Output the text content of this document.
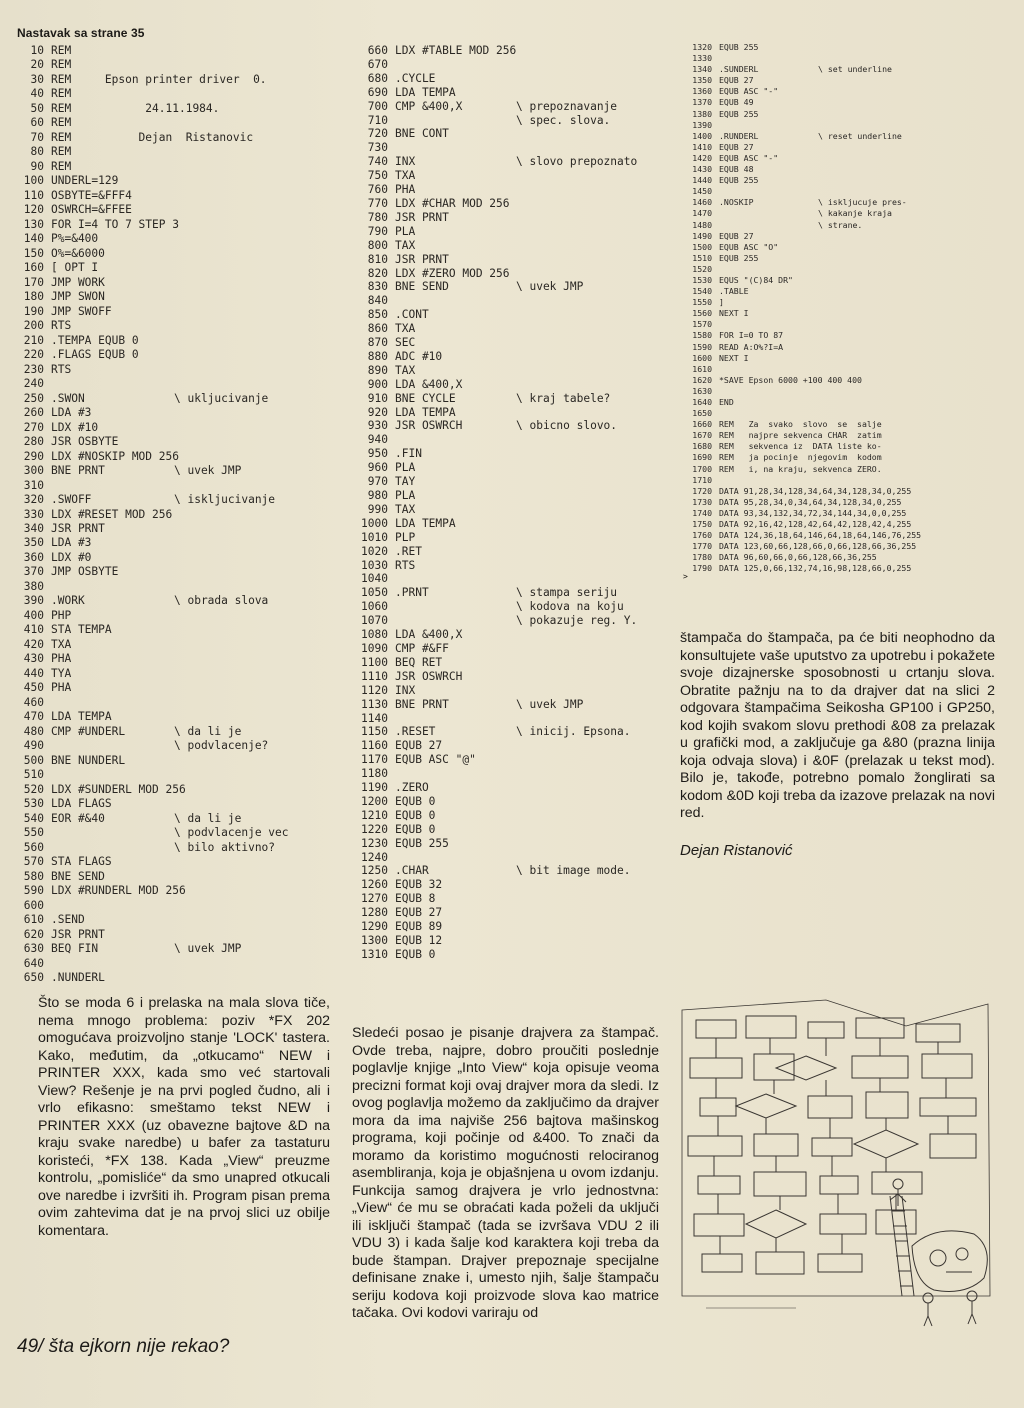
Nastavak sa strane 35
10 REM
20 REM
30 REM     Epson printer driver  0.
40 REM
50 REM           24.11.1984.
60 REM
70 REM          Dejan  Ristanovic
80 REM
90 REM
100 UNDERL=129
110 OSBYTE=&FFF4
120 OSWRCH=&FFEE
130 FOR I=4 TO 7 STEP 3
140 P%=&400
150 O%=&6000
160 [ OPT I
170 JMP WORK
180 JMP SWON
190 JMP SWOFF
200 RTS
210 .TEMPA EQUB 0
220 .FLAGS EQUB 0
230 RTS
240
250 .SWON	\ ukljucivanje
260 LDA #3
270 LDX #10
280 JSR OSBYTE
290 LDX #NOSKIP MOD 256
300 BNE PRNT	\ uvek JMP
310
320 .SWOFF	\ iskljucivanje
330 LDX #RESET MOD 256
340 JSR PRNT
350 LDA #3
360 LDX #0
370 JMP OSBYTE
380
390 .WORK	\ obrada slova
400 PHP
410 STA TEMPA
420 TXA
430 PHA
440 TYA
450 PHA
460
470 LDA TEMPA
480 CMP #UNDERL	\ da li je
490	\ podvlacenje?
500 BNE NUNDERL
510
520 LDX #SUNDERL MOD 256
530 LDA FLAGS
540 EOR #&40	\ da li je
550	\ podvlacenje vec
560	\ bilo aktivno?
570 STA FLAGS
580 BNE SEND
590 LDX #RUNDERL MOD 256
600
610 .SEND
620 JSR PRNT
630 BEQ FIN	\ uvek JMP
640
650 .NUNDERL
660 LDX #TABLE MOD 256
670
680 .CYCLE
690 LDA TEMPA
700 CMP &400,X	\ prepoznavanje
710	\ spec. slova.
720 BNE CONT
730
740 INX	\ slovo prepoznato
750 TXA
760 PHA
770 LDX #CHAR MOD 256
780 JSR PRNT
790 PLA
800 TAX
810 JSR PRNT
820 LDX #ZERO MOD 256
830 BNE SEND	\ uvek JMP
840
850 .CONT
860 TXA
870 SEC
880 ADC #10
890 TAX
900 LDA &400,X
910 BNE CYCLE	\ kraj tabele?
920 LDA TEMPA
930 JSR OSWRCH	\ obicno slovo.
940
950 .FIN
960 PLA
970 TAY
980 PLA
990 TAX
1000 LDA TEMPA
1010 PLP
1020 .RET
1030 RTS
1040
1050 .PRNT	\ stampa seriju
1060	\ kodova na koju
1070	\ pokazuje reg. Y.
1080 LDA &400,X
1090 CMP #&FF
1100 BEQ RET
1110 JSR OSWRCH
1120 INX
1130 BNE PRNT	\ uvek JMP
1140
1150 .RESET	\ inicij. Epsona.
1160 EQUB 27
1170 EQUB ASC "@"
1180
1190 .ZERO
1200 EQUB 0
1210 EQUB 0
1220 EQUB 0
1230 EQUB 255
1240
1250 .CHAR	\ bit image mode.
1260 EQUB 32
1270 EQUB 8
1280 EQUB 27
1290 EQUB 89
1300 EQUB 12
1310 EQUB 0
1320 EQUB 255
1330
1340 .SUNDERL	\ set underline
1350 EQUB 27
1360 EQUB ASC "-"
1370 EQUB 49
1380 EQUB 255
1390
1400 .RUNDERL	\ reset underline
1410 EQUB 27
1420 EQUB ASC "-"
1430 EQUB 48
1440 EQUB 255
1450
1460 .NOSKIP	\ iskljucuje pres-
1470	\ kakanje kraja
1480	\ strane.
1490 EQUB 27
1500 EQUB ASC "O"
1510 EQUB 255
1520
1530 EQUS "(C)84 DR"
1540 .TABLE
1550 ]
1560 NEXT I
1570
1580 FOR I=0 TO 87
1590 READ A:O%?I=A
1600 NEXT I
1610
1620 *SAVE Epson 6000 +100 400 400
1630
1640 END
1650
1660 REM   Za  svako  slovo  se  salje
1670 REM   najpre sekvenca CHAR  zatim
1680 REM   sekvenca iz  DATA liste ko-
1690 REM   ja pocinje  njegovim  kodom
1700 REM   i, na kraju, sekvenca ZERO.
1710
1720 DATA 91,28,34,128,34,64,34,128,34,0,255
1730 DATA 95,28,34,0,34,64,34,128,34,0,255
1740 DATA 93,34,132,34,72,34,144,34,0,0,255
1750 DATA 92,16,42,128,42,64,42,128,42,4,255
1760 DATA 124,36,18,64,146,64,18,64,146,76,255
1770 DATA 123,60,66,128,66,0,66,128,66,36,255
1780 DATA 96,60,66,0,66,128,66,36,255
1790 DATA 125,0,66,132,74,16,98,128,66,0,255

>

štampača do štampača, pa će biti neophodno da konsultujete vaše uputstvo za upotrebu i pokažete svoje dizajnerske sposobnosti u crtanju slova. Obratite pažnju na to da drajver dat na slici 2 odgovara štampačima Seikosha GP100 i GP250, kod kojih svakom slovu prethodi &08 za prelazak u grafički mod, a zaključuje ga &80 (prazna linija koja odvaja slova) i &0F (prelazak u tekst mod). Bilo je, takođe, potrebno pomalo žonglirati sa kodom &0D koji treba da izazove prelazak na novi red.

Dejan Ristanović

Što se moda 6 i prelaska na mala slova tiče, nema mnogo problema: poziv *FX 202 omogućava proizvoljno stanje 'LOCK' tastera. Kako, međutim, da „otkucamo“ NEW i PRINTER XXX, kada smo već startovali View? Rešenje je na prvi pogled čudno, ali i vrlo efikasno: smeštamo tekst NEW i PRINTER XXX (uz obavezne bajtove &D na kraju svake naredbe) u bafer za tastaturu koristeći, *FX 138. Kada „View“ preuzme kontrolu, „pomisliće“ da smo unapred otkucali ove naredbe i izvršiti ih. Program pisan prema ovim zahtevima dat je na prvoj slici uz obilje komentara.

Sledeći posao je pisanje drajvera za štampač. Ovde treba, najpre, dobro proučiti poslednje poglavlje knjige „Into View“ koja opisuje veoma precizni format koji ovaj drajver mora da sledi. Iz ovog poglavlja možemo da zaključimo da drajver mora da ima najviše 256 bajtova mašinskog programa, koji počinje od &400. To znači da moramo da koristimo mogućnosti relociranog asembliranja, koja je objašnjena u ovom izdanju. Funkcija samog drajvera je vrlo jednostvna: „View“ će mu se obraćati kada poželi da uključi ili isključi štampač (tada se izvršava VDU 2 ili VDU 3) i kada šalje kod karaktera koji treba da bude štampan. Drajver prepoznaje specijalne definisane znake i, umesto njih, šalje štampaču seriju kodova koji proizvode slova kao matrice tačaka. Ovi kodovi variraju od

49/ šta ejkorn nije rekao?
